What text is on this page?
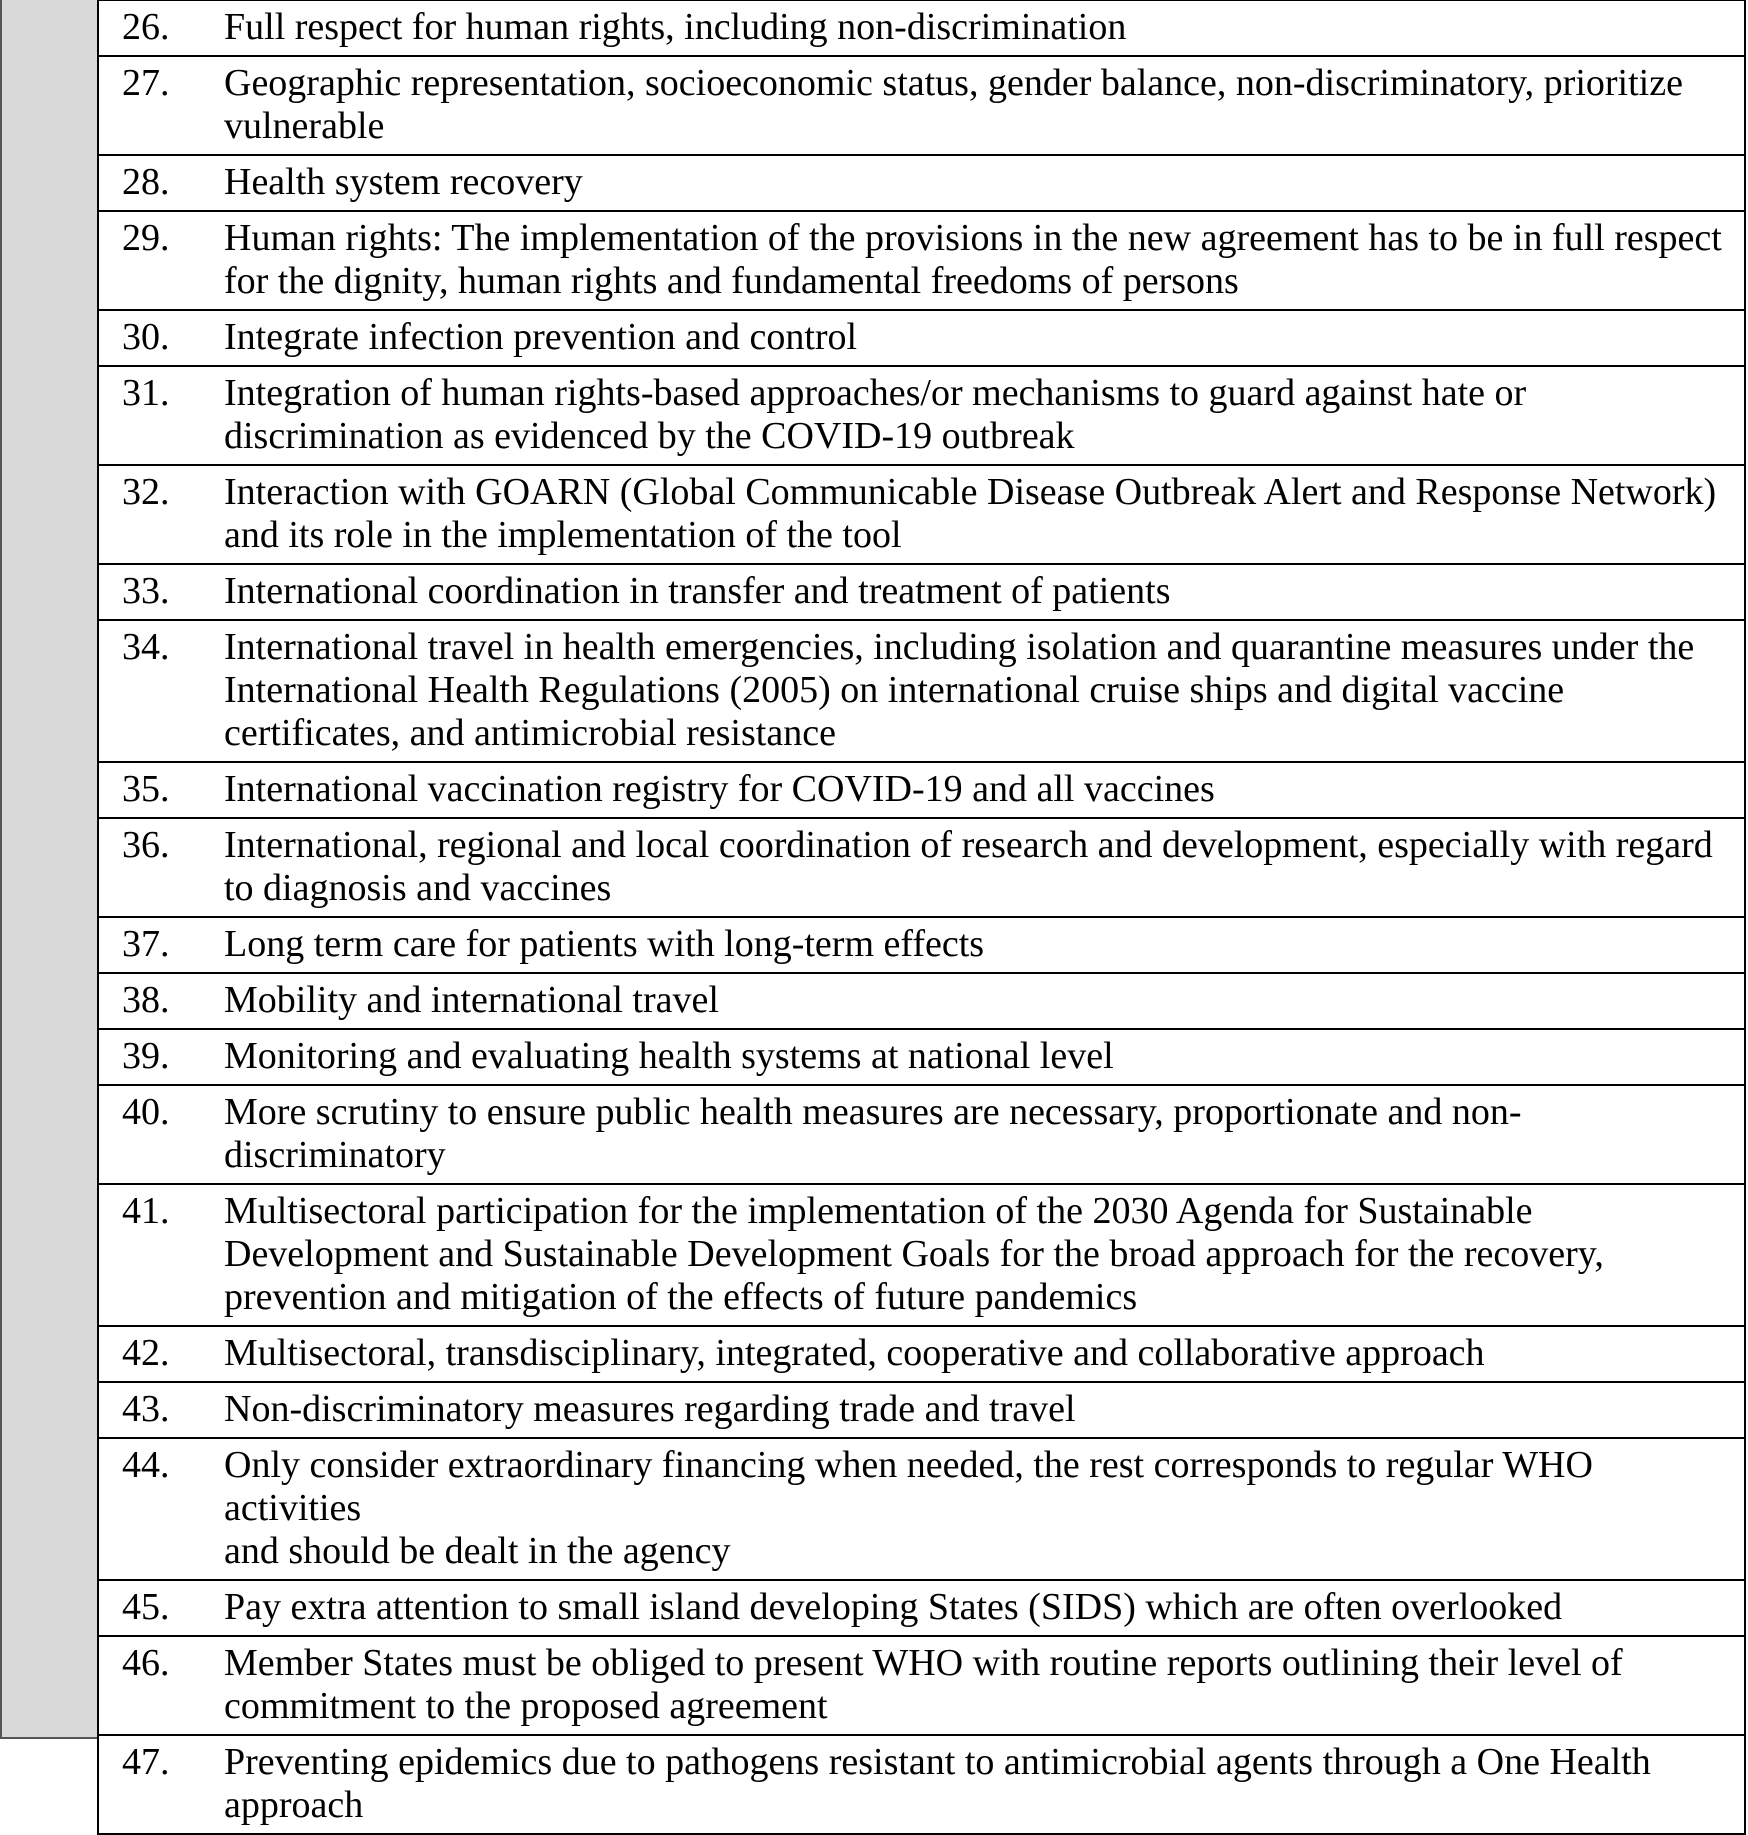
26. Full respect for human rights, including non-discrimination

27. Geographic representation, socioeconomic status, gender balance, non-discriminatory, prioritize
vulnerable

28. Health system recovery

29. Human rights: The implementation of the provisions in the new agreement has to be in full respect
for the dignity, human rights and fundamental freedoms of persons

30. Integrate infection prevention and control

31. Integration of human rights-based approaches/or mechanisms to guard against hate or
discrimination as evidenced by the COVID-19 outbreak

32. Interaction with GOARN (Global Communicable Disease Outbreak Alert and Response Network)
and its role in the implementation of the tool

33. International coordination in transfer and treatment of patients

34. International travel in health emergencies, including isolation and quarantine measures under the
International Health Regulations (2005) on international cruise ships and digital vaccine
certificates, and antimicrobial resistance

35. International vaccination registry for COVID-19 and all vaccines

36. International, regional and local coordination of research and development, especially with regard
to diagnosis and vaccines

37. Long term care for patients with long-term effects

38. Mobility and international travel

39. Monitoring and evaluating health systems at national level

40. More scrutiny to ensure public health measures are necessary, proportionate and non-
discriminatory

41. Multisectoral participation for the implementation of the 2030 Agenda for Sustainable
Development and Sustainable Development Goals for the broad approach for the recovery,
prevention and mitigation of the effects of future pandemics

42. Multisectoral, transdisciplinary, integrated, cooperative and collaborative approach

43. Non-discriminatory measures regarding trade and travel

44. Only consider extraordinary financing when needed, the rest corresponds to regular WHO activities
and should be dealt in the agency

45. Pay extra attention to small island developing States (SIDS) which are often overlooked

46. Member States must be obliged to present WHO with routine reports outlining their level of
commitment to the proposed agreement

47. Preventing epidemics due to pathogens resistant to antimicrobial agents through a One Health
approach
